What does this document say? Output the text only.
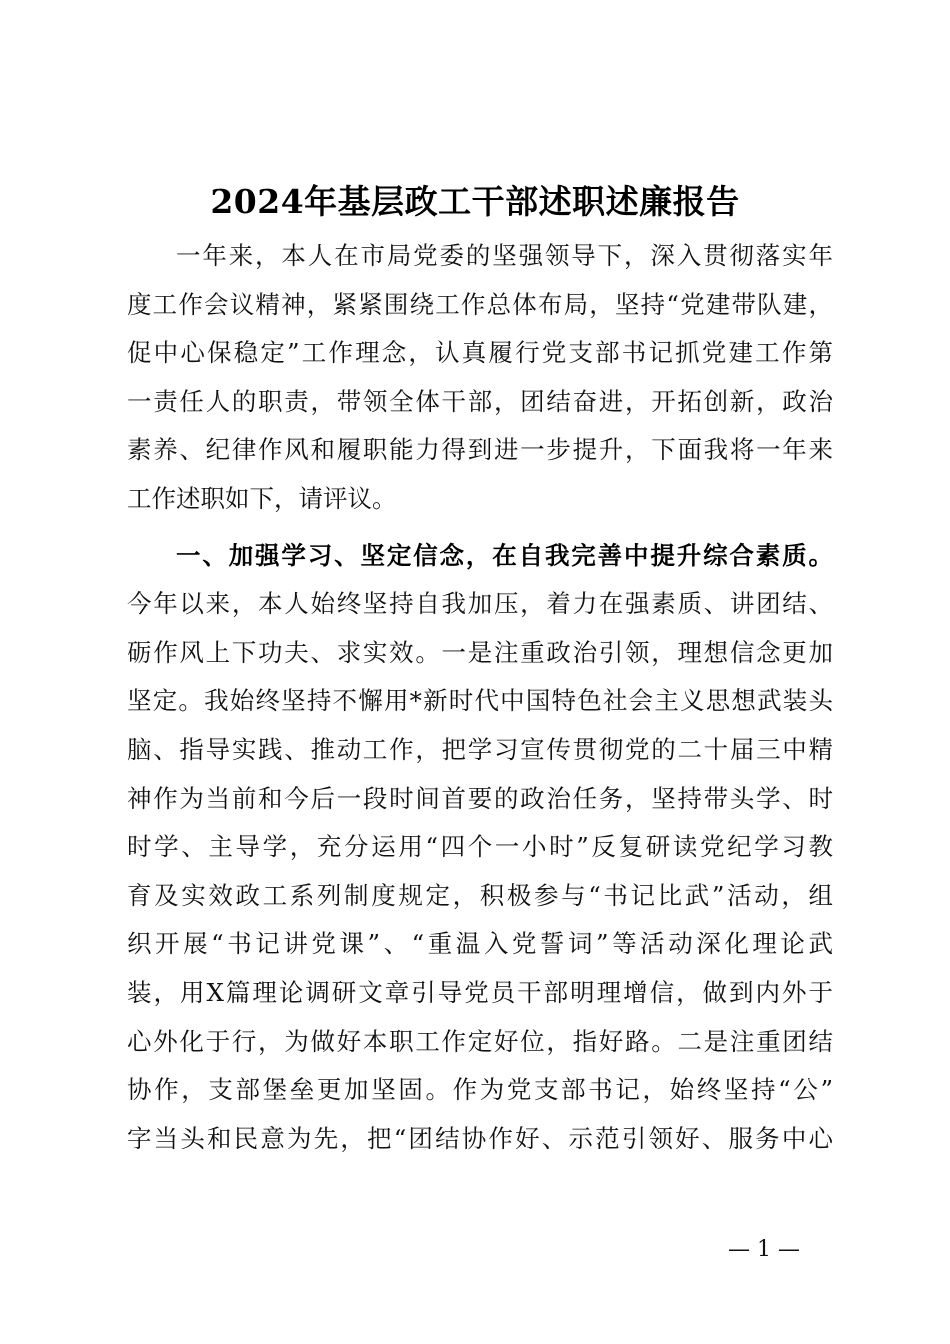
2024年基层政工干部述职述廉报告
一年来，本人在市局党委的坚强领导下，深入贯彻落实年
度工作会议精神，紧紧围绕工作总体布局，坚持“党建带队建，
促中心保稳定”工作理念，认真履行党支部书记抓党建工作第
一责任人的职责，带领全体干部，团结奋进，开拓创新，政治
素养、纪律作风和履职能力得到进一步提升，下面我将一年来
工作述职如下，请评议。
一、加强学习、坚定信念，在自我完善中提升综合素质。
今年以来，本人始终坚持自我加压，着力在强素质、讲团结、
砺作风上下功夫、求实效。一是注重政治引领，理想信念更加
坚定。我始终坚持不懈用*新时代中国特色社会主义思想武装头
脑、指导实践、推动工作，把学习宣传贯彻党的二十届三中精
神作为当前和今后一段时间首要的政治任务，坚持带头学、时
时学、主导学，充分运用“四个一小时”反复研读党纪学习教
育及实效政工系列制度规定，积极参与“书记比武”活动，组
织开展“书记讲党课”、“重温入党誓词”等活动深化理论武
装，用X篇理论调研文章引导党员干部明理增信，做到内外于
心外化于行，为做好本职工作定好位，指好路。二是注重团结
协作，支部堡垒更加坚固。作为党支部书记，始终坚持“公”
字当头和民意为先，把“团结协作好、示范引领好、服务中心
— 1 —
